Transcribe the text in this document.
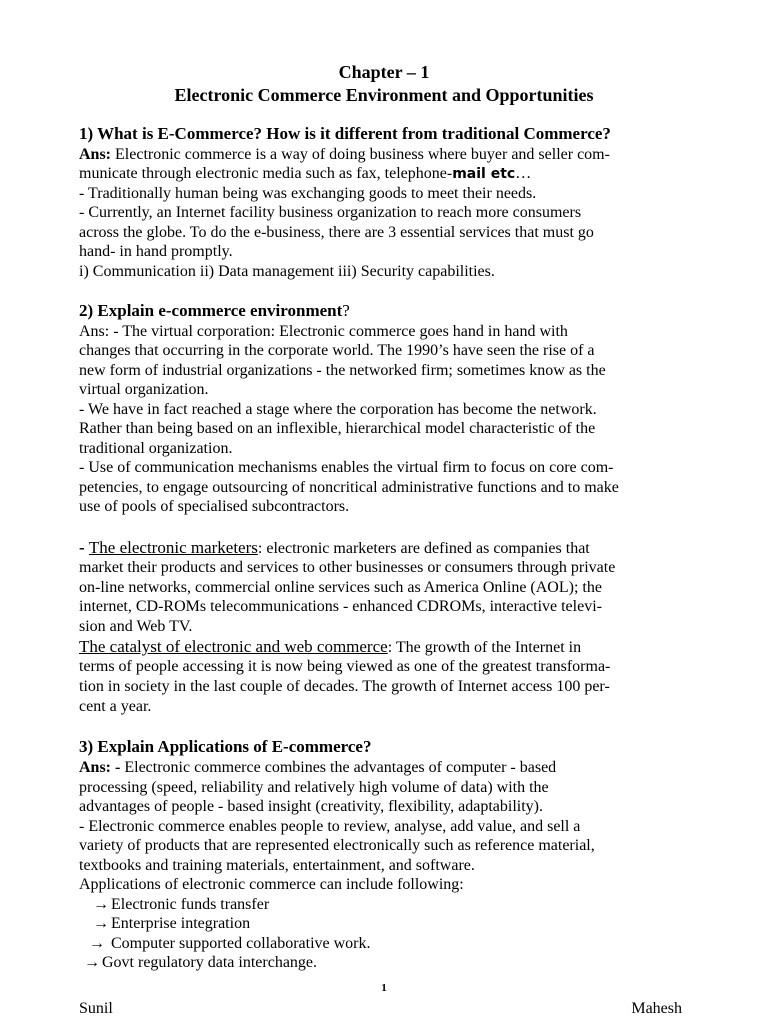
Chapter – 1
Electronic Commerce Environment and Opportunities
1) What is E-Commerce? How is it different from traditional Commerce?
Ans: Electronic commerce is a way of doing business where buyer and seller com-
municate through electronic media such as fax, telephone-mail etc…
- Traditionally human being was exchanging goods to meet their needs.
- Currently, an Internet facility business organization to reach more consumers
across the globe. To do the e-business, there are 3 essential services that must go
hand- in hand promptly.
i) Communication ii) Data management iii) Security capabilities.
2) Explain e-commerce environment?
Ans: - The virtual corporation: Electronic commerce goes hand in hand with
changes that occurring in the corporate world. The 1990’s have seen the rise of a
new form of industrial organizations - the networked firm; sometimes know as the
virtual organization.
- We have in fact reached a stage where the corporation has become the network.
Rather than being based on an inflexible, hierarchical model characteristic of the
traditional organization.
- Use of communication mechanisms enables the virtual firm to focus on core com-
petencies, to engage outsourcing of noncritical administrative functions and to make
use of pools of specialised subcontractors.
- The electronic marketers: electronic marketers are defined as companies that
market their products and services to other businesses or consumers through private
on-line networks, commercial online services such as America Online (AOL); the
internet, CD-ROMs telecommunications - enhanced CDROMs, interactive televi-
sion and Web TV.
The catalyst of electronic and web commerce: The growth of the Internet in
terms of people accessing it is now being viewed as one of the greatest transforma-
tion in society in the last couple of decades. The growth of Internet access 100 per-
cent a year.
3) Explain Applications of E-commerce?
Ans: - Electronic commerce combines the advantages of computer - based
processing (speed, reliability and relatively high volume of data) with the
advantages of people - based insight (creativity, flexibility, adaptability).
- Electronic commerce enables people to review, analyse, add value, and sell a
variety of products that are represented electronically such as reference material,
textbooks and training materials, entertainment, and software.
Applications of electronic commerce can include following:
→ Electronic funds transfer
→ Enterprise integration
→ Computer supported collaborative work.
→ Govt regulatory data interchange.
1
Sunil	Mahesh
